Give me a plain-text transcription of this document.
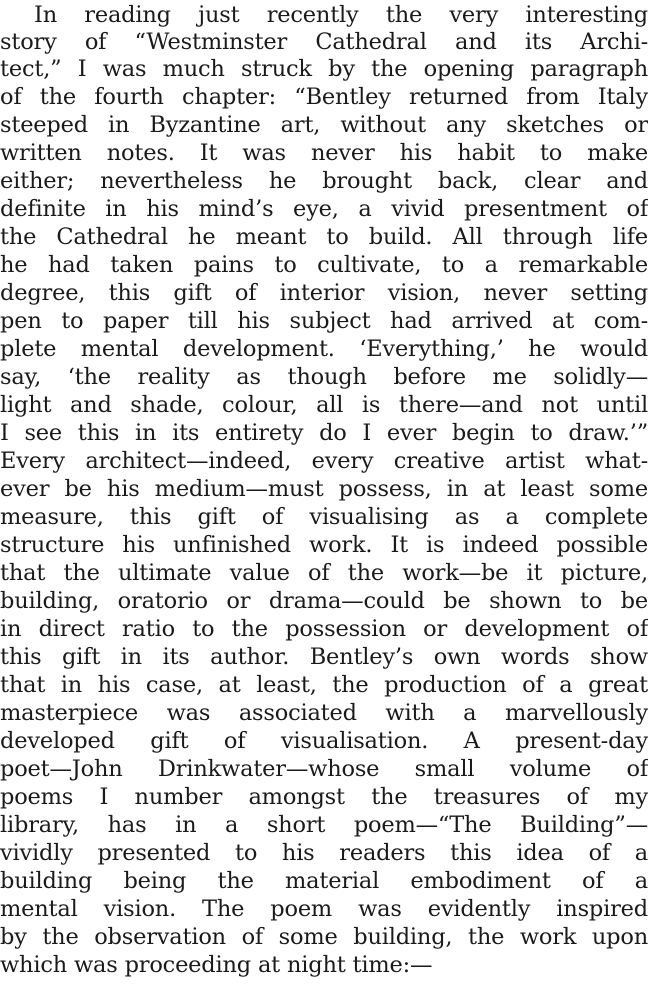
In reading just recently the very interesting
story of “Westminster Cathedral and its Archi-
tect,” I was much struck by the opening paragraph
of the fourth chapter: “Bentley returned from Italy
steeped in Byzantine art, without any sketches or
written notes. It was never his habit to make
either; nevertheless he brought back, clear and
definite in his mind’s eye, a vivid presentment of
the Cathedral he meant to build. All through life
he had taken pains to cultivate, to a remarkable
degree, this gift of interior vision, never setting
pen to paper till his subject had arrived at com-
plete mental development. ‘Everything,’ he would
say, ‘the reality as though before me solidly—
light and shade, colour, all is there—and not until
I see this in its entirety do I ever begin to draw.’”
Every architect—indeed, every creative artist what-
ever be his medium—must possess, in at least some
measure, this gift of visualising as a complete
structure his unfinished work. It is indeed possible
that the ultimate value of the work—be it picture,
building, oratorio or drama—could be shown to be
in direct ratio to the possession or development of
this gift in its author. Bentley’s own words show
that in his case, at least, the production of a great
masterpiece was associated with a marvellously
developed gift of visualisation. A present-day
poet—John Drinkwater—whose small volume of
poems I number amongst the treasures of my
library, has in a short poem—“The Building”—
vividly presented to his readers this idea of a
building being the material embodiment of a
mental vision. The poem was evidently inspired
by the observation of some building, the work upon
which was proceeding at night time:—
